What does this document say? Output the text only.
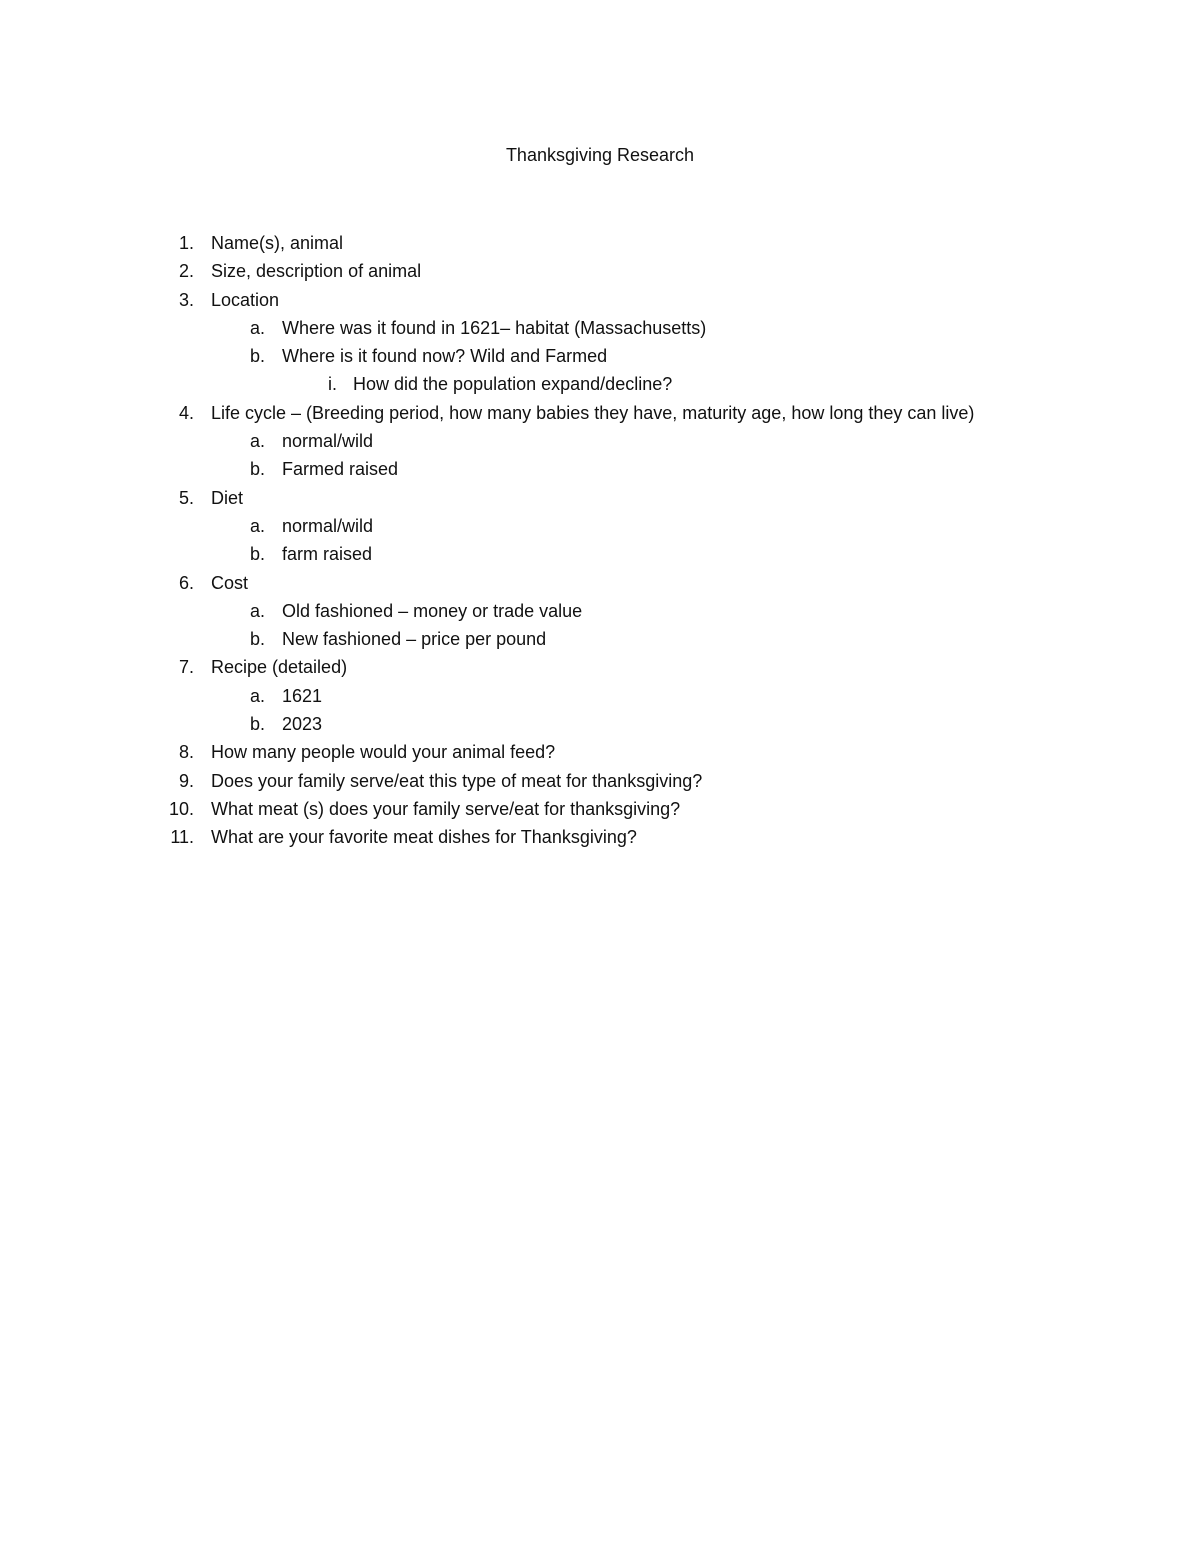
Thanksgiving Research
1. Name(s), animal
2. Size, description of animal
3. Location
a. Where was it found in 1621– habitat (Massachusetts)
b. Where is it found now? Wild and Farmed
i. How did the population expand/decline?
4. Life cycle – (Breeding period, how many babies they have, maturity age, how long they can live)
a. normal/wild
b. Farmed raised
5. Diet
a. normal/wild
b. farm raised
6. Cost
a. Old fashioned – money or trade value
b. New fashioned – price per pound
7. Recipe (detailed)
a. 1621
b. 2023
8. How many people would your animal feed?
9. Does your family serve/eat this type of meat for thanksgiving?
10. What meat (s) does your family serve/eat for thanksgiving?
11. What are your favorite meat dishes for Thanksgiving?
